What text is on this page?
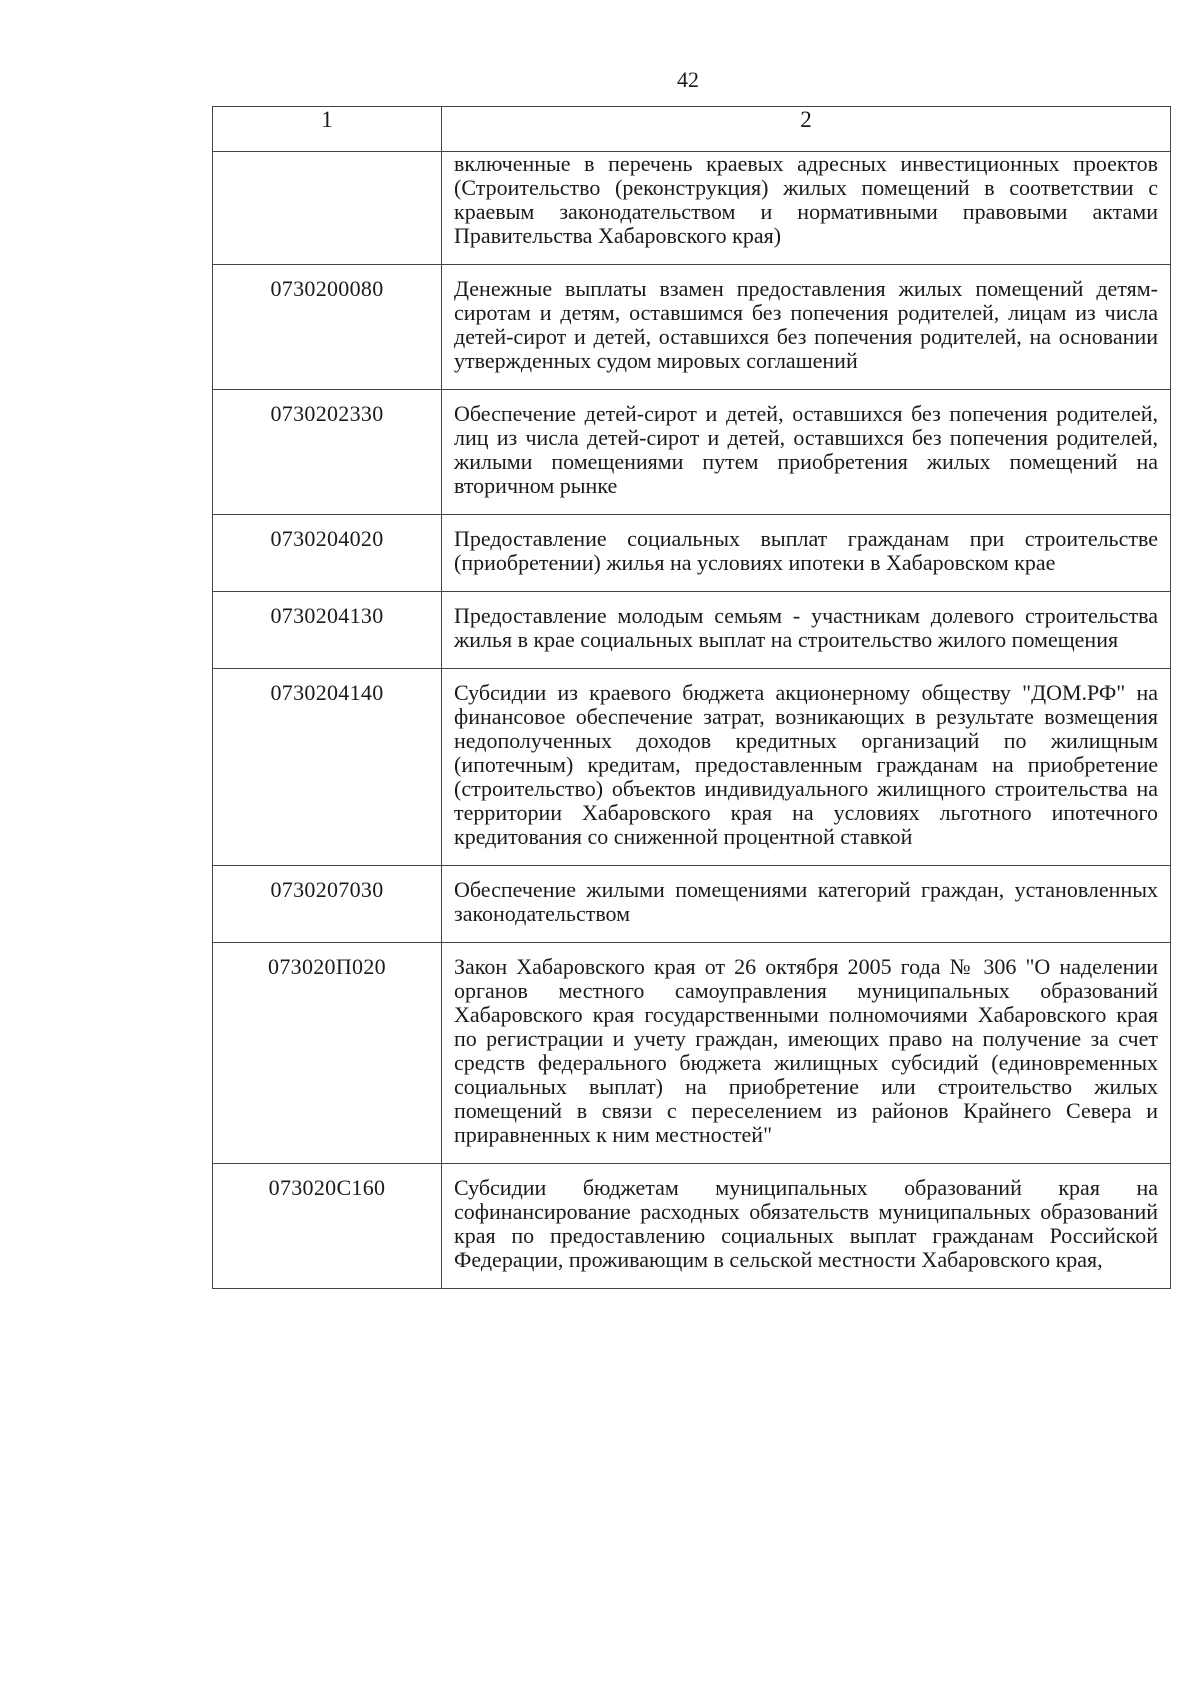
42
1	2
	включенные в перечень краевых адресных инвестиционных проектов (Строительство (реконструкция) жилых помещений в соответствии с краевым законодательством и нормативными правовыми актами Правительства Хабаровского края)
0730200080	Денежные выплаты взамен предоставления жилых помещений детям-сиротам и детям, оставшимся без попечения родителей, лицам из числа детей-сирот и детей, оставшихся без попечения родителей, на основании утвержденных судом мировых соглашений
0730202330	Обеспечение детей-сирот и детей, оставшихся без попечения родителей, лиц из числа детей-сирот и детей, оставшихся без попечения родителей, жилыми помещениями путем приобретения жилых помещений на вторичном рынке
0730204020	Предоставление социальных выплат гражданам при строительстве (приобретении) жилья на условиях ипотеки в Хабаровском крае
0730204130	Предоставление молодым семьям - участникам долевого строительства жилья в крае социальных выплат на строительство жилого помещения
0730204140	Субсидии из краевого бюджета акционерному обществу "ДОМ.РФ" на финансовое обеспечение затрат, возникающих в результате возмещения недополученных доходов кредитных организаций по жилищным (ипотечным) кредитам, предоставленным гражданам на приобретение (строительство) объектов индивидуального жилищного строительства на территории Хабаровского края на условиях льготного ипотечного кредитования со сниженной процентной ставкой
0730207030	Обеспечение жилыми помещениями категорий граждан, установленных законодательством
073020П020	Закон Хабаровского края от 26 октября 2005 года № 306 "О наделении органов местного самоуправления муниципальных образований Хабаровского края государственными полномочиями Хабаровского края по регистрации и учету граждан, имеющих право на получение за счет средств федерального бюджета жилищных субсидий (единовременных социальных выплат) на приобретение или строительство жилых помещений в связи с переселением из районов Крайнего Севера и приравненных к ним местностей"
073020С160	Субсидии бюджетам муниципальных образований края на софинансирование расходных обязательств муниципальных образований края по предоставлению социальных выплат гражданам Российской Федерации, проживающим в сельской местности Хабаровского края,
